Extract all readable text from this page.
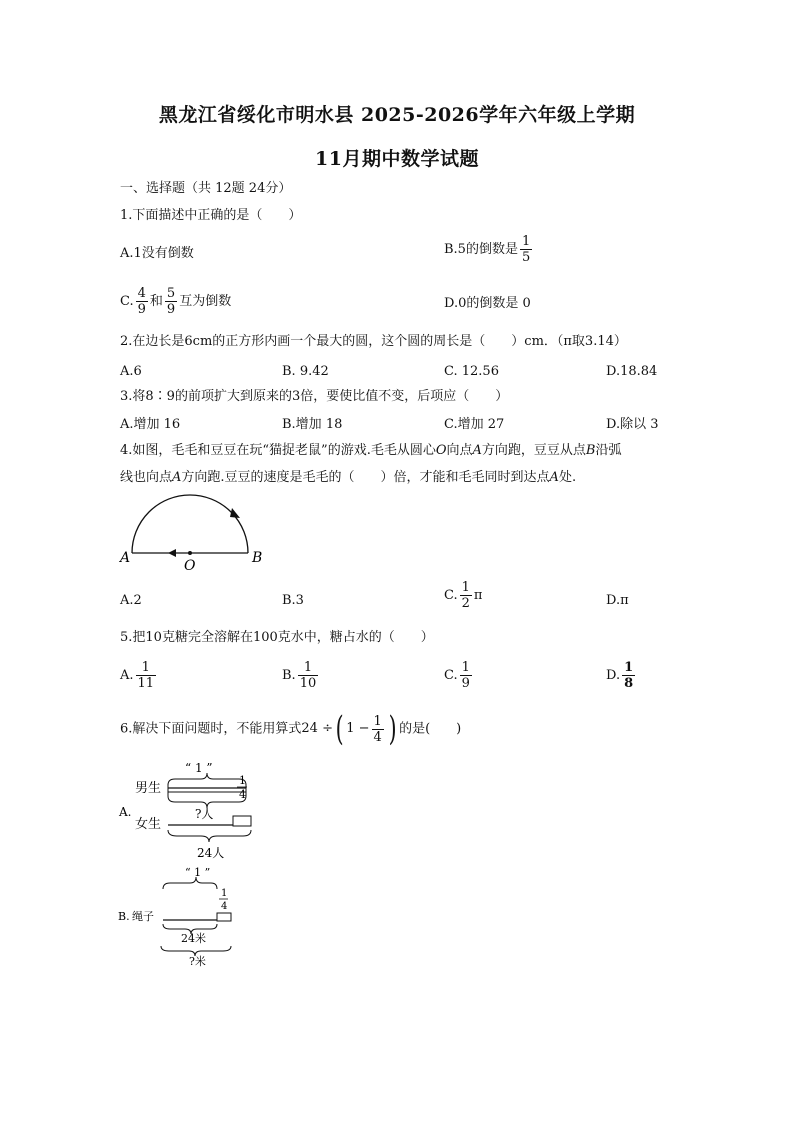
黑龙江省绥化市明水县 2025-2026学年六年级上学期
11月期中数学试题
一、选择题（共 12题 24分）
1.下面描述中正确的是（　　）
A.1没有倒数	B.5的倒数是 $\frac{1}{5}$
C. $\frac{4}{9}$ 和 $\frac{5}{9}$ 互为倒数	D.0的倒数是 0
2.在边长是6cm的正方形内画一个最大的圆，这个圆的周长是（　　）cm．（π取3.14）
A.6	B. 9.42	C. 12.56	D.18.84
3.将8∶9的前项扩大到原来的3倍，要使比值不变，后项应（　　）
A.增加 16	B.增加 18	C.增加 27	D.除以 3
4.如图，毛毛和豆豆在玩“猫捉老鼠”的游戏.毛毛从圆心O向点A方向跑，豆豆从点B沿弧
线也向点A方向跑.豆豆的速度是毛毛的（　　）倍，才能和毛毛同时到达点A处.
A	O	B
A.2	B.3	C. $\frac{1}{2}$ π	D.π
5.把10克糖完全溶解在100克水中，糖占水的（　　）
A. $\frac{1}{11}$	B. $\frac{1}{10}$	C. $\frac{1}{9}$	D. $\frac{1}{8}$
6.解决下面问题时，不能用算式 24 ÷ ( $1 - \frac{1}{4}$ ) 的是(　　)
A.
“ 1 ”
男生
?人
1
4
女生
24人
“ 1 ”
1
4
B. 绳子
24米
?米
